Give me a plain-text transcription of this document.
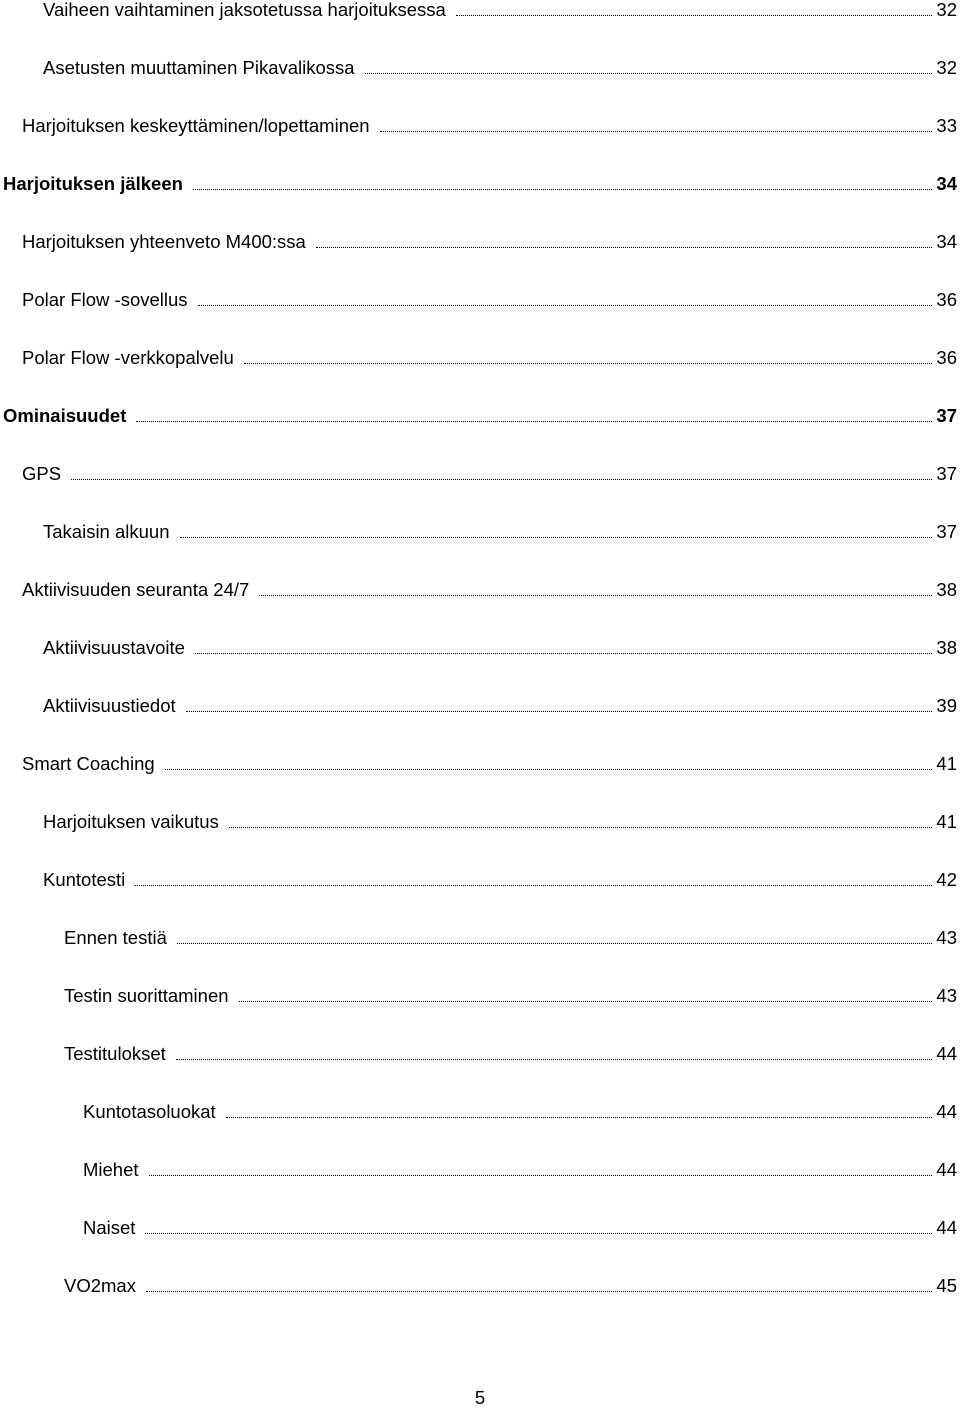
Vaiheen vaihtaminen jaksotetussa harjoituksessa	32
Asetusten muuttaminen Pikavalikossa	32
Harjoituksen keskeyttäminen/lopettaminen	33
Harjoituksen jälkeen	34
Harjoituksen yhteenveto M400:ssa	34
Polar Flow -sovellus	36
Polar Flow -verkkopalvelu	36
Ominaisuudet	37
GPS	37
Takaisin alkuun	37
Aktiivisuuden seuranta 24/7	38
Aktiivisuustavoite	38
Aktiivisuustiedot	39
Smart Coaching	41
Harjoituksen vaikutus	41
Kuntotesti	42
Ennen testiä	43
Testin suorittaminen	43
Testitulokset	44
Kuntotasoluokat	44
Miehet	44
Naiset	44
VO2max	45
5
